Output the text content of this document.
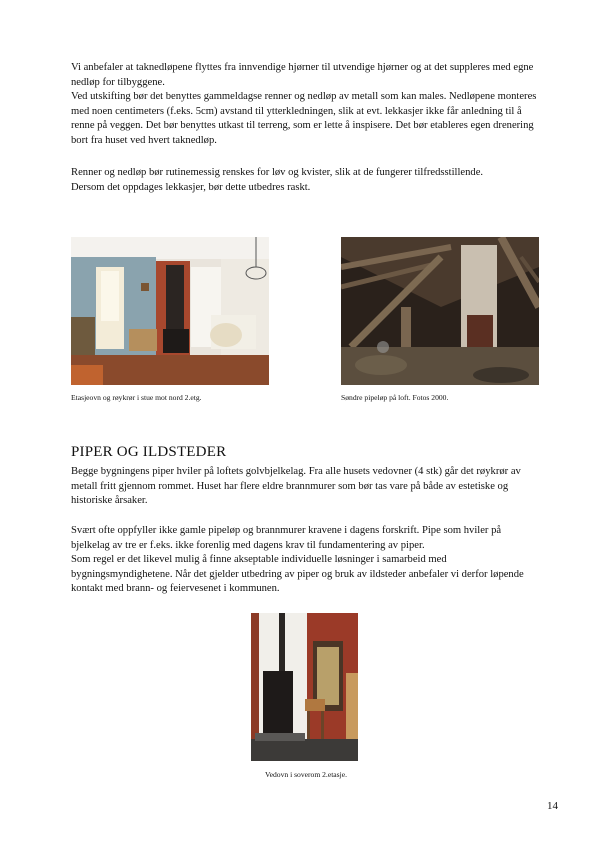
Vi anbefaler at taknedløpene flyttes fra innvendige hjørner til utvendige hjørner og at det suppleres med egne nedløp for tilbyggene.
Ved utskifting bør det benyttes gammeldagse renner og nedløp av metall som kan males. Nedløpene monteres med noen centimeters (f.eks. 5cm) avstand til ytterkledningen, slik at evt. lekkasjer ikke får anledning til å renne på veggen. Det bør benyttes utkast til terreng, som er lette å inspisere. Det bør etableres egen drenering bort fra huset ved hvert taknedløp.
Renner og nedløp bør rutinemessig renskes for løv og kvister, slik at de fungerer tilfredsstillende.
Dersom det oppdages lekkasjer, bør dette utbedres raskt.

Etasjeovn og røykrør i stue mot nord 2.etg.	Søndre pipeløp på loft. Fotos 2000.

PIPER OG ILDSTEDER
Begge bygningens piper hviler på loftets golvbjelkelag. Fra alle husets vedovner (4 stk) går det røykrør av metall fritt gjennom rommet. Huset har flere eldre brannmurer som bør tas vare på både av estetiske og historiske årsaker.
Svært ofte oppfyller ikke gamle pipeløp og brannmurer kravene i dagens forskrift. Pipe som hviler på bjelkelag av tre er f.eks. ikke forenlig med dagens krav til fundamentering av piper.
Som regel er det likevel mulig å finne akseptable individuelle løsninger i samarbeid med bygningsmyndighetene. Når det gjelder utbedring av piper og bruk av ildsteder anbefaler vi derfor løpende kontakt med brann- og feiervesenet i kommunen.

Vedovn i soverom 2.etasje.

14
